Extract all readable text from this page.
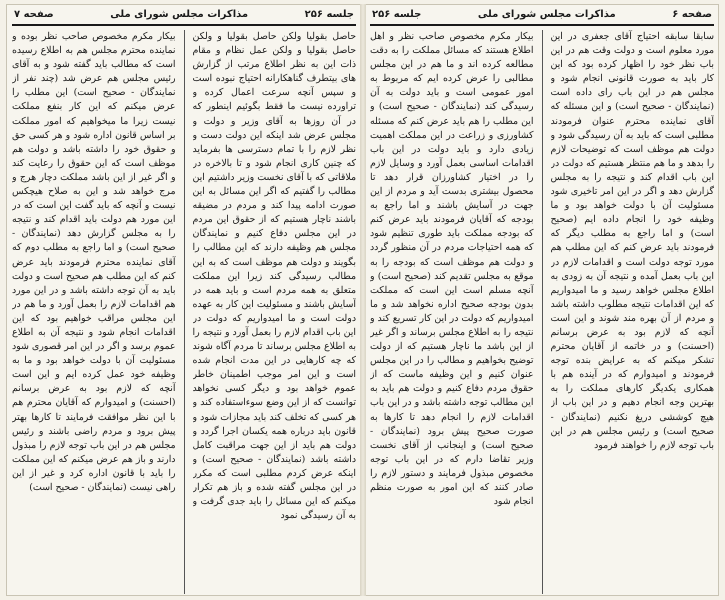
جلسه ۲۵۶
مذاکرات مجلس شورای ملی
صفحه ۷

حاصل بقولیا ولکن حاصل بقولیا و ولکن حاصل بقولیا و ولکن عمل نظام و مقام ذات این به نظر اطلاع مرتب از گزارش های بیتطرف گناهکارانه احتیاج نبوده است و سپس آنچه سرعت اعمال کرده و تراورده نیست ما فقط بگوئیم اینطور که در آن روزها به آقای وزیر و دولت و مجلس عرض شد اینکه این دولت دست و نظر لازم را با تمام دسترسی ها بفرماید که چنین کاری انجام شود و تا بالاخره در ملاقاتی که با آقای نخست وزیر داشتیم این مطالب را گفتیم که اگر این مسائل به این صورت ادامه پیدا کند و مردم در مضیقه باشند ناچار هستیم که از حقوق این مردم در این مجلس دفاع کنیم و نمایندگان مجلس هم وظیفه دارند که این مطالب را بگویند و دولت هم موظف است که به این مطالب رسیدگی کند زیرا این مملکت متعلق به همه مردم است و باید همه در آسایش باشند و مسئولیت این کار به عهده دولت است و ما امیدواریم که دولت در این باب اقدام لازم را بعمل آورد و نتیجه را به اطلاع مجلس برساند تا مردم آگاه شوند که چه کارهایی در این مدت انجام شده است و این امر موجب اطمینان خاطر عموم خواهد بود و دیگر کسی نخواهد توانست که از این وضع سوءاستفاده کند و هر کسی که تخلف کند باید مجازات شود و قانون باید درباره همه یکسان اجرا گردد و دولت هم باید از این جهت مراقبت کامل داشته باشد (نمایندگان - صحیح است) و اینکه عرض کردم مطلبی است که مکرر در این مجلس گفته شده و باز هم تکرار میکنم که این مسائل را باید جدی گرفت و به آن رسیدگی نمود

بیکار مکرم مخصوص صاحب نظر بوده و نماینده محترم مجلس هم به اطلاع رسیده است که مطالب باید گفته شود و به آقای رئیس مجلس هم عرض شد (چند نفر از نمایندگان - صحیح است) این مطلب را عرض میکنم که این کار بنفع مملکت نیست زیرا ما میخواهیم که امور مملکت بر اساس قانون اداره شود و هر کسی حق و حقوق خود را داشته باشد و دولت هم موظف است که این حقوق را رعایت کند و اگر غیر از این باشد مملکت دچار هرج و مرج خواهد شد و این به صلاح هیچکس نیست و آنچه که باید گفت این است که در این مورد هم دولت باید اقدام کند و نتیجه را به مجلس گزارش دهد (نمایندگان - صحیح است) و اما راجع به مطلب دوم که آقای نماینده محترم فرمودند باید عرض کنم که این مطلب هم صحیح است و دولت باید به آن توجه داشته باشد و در این مورد هم اقدامات لازم را بعمل آورد و ما هم در این مجلس مراقب خواهیم بود که این اقدامات انجام شود و نتیجه آن به اطلاع عموم برسد و اگر در این امر قصوری شود مسئولیت آن با دولت خواهد بود و ما به وظیفه خود عمل کرده ایم و این است آنچه که لازم بود به عرض برسانم (احسنت) و امیدوارم که آقایان محترم هم با این نظر موافقت فرمایند تا کارها بهتر پیش برود و مردم راضی باشند و رئیس مجلس هم در این باب توجه لازم را مبذول دارند و باز هم عرض میکنم که این مملکت را باید با قانون اداره کرد و غیر از این راهی نیست (نمایندگان - صحیح است)

صفحه ۶
مذاکرات مجلس شورای ملی
جلسه ۲۵۶

سابقا سابقه احتیاج آقای جعفری در این مورد معلوم است و دولت وقت هم در این باب نظر خود را اظهار کرده بود که این کار باید به صورت قانونی انجام شود و مجلس هم در این باب رای داده است (نمایندگان - صحیح است) و این مسئله که آقای نماینده محترم عنوان فرمودند مطلبی است که باید به آن رسیدگی شود و دولت هم موظف است که توضیحات لازم را بدهد و ما هم منتظر هستیم که دولت در این باب اقدام کند و نتیجه را به مجلس گزارش دهد و اگر در این امر تاخیری شود مسئولیت آن با دولت خواهد بود و ما وظیفه خود را انجام داده ایم (صحیح است) و اما راجع به مطلب دیگر که فرمودند باید عرض کنم که این مطلب هم مورد توجه دولت است و اقدامات لازم در این باب بعمل آمده و نتیجه آن به زودی به اطلاع مجلس خواهد رسید و ما امیدواریم که این اقدامات نتیجه مطلوب داشته باشد و مردم از آن بهره مند شوند و این است آنچه که لازم بود به عرض برسانم (احسنت) و در خاتمه از آقایان محترم تشکر میکنم که به عرایض بنده توجه فرمودند و امیدوارم که در آینده هم با همکاری یکدیگر کارهای مملکت را به بهترین وجه انجام دهیم و در این باب از هیچ کوششی دریغ نکنیم (نمایندگان - صحیح است) و رئیس مجلس هم در این باب توجه لازم را خواهند فرمود

بیکار مکرم مخصوص صاحب نظر و اهل اطلاع هستند که مسائل مملکت را به دقت مطالعه کرده اند و ما هم در این مجلس مطالبی را عرض کرده ایم که مربوط به امور عمومی است و باید دولت به آن رسیدگی کند (نمایندگان - صحیح است) و این مطلب را هم باید عرض کنم که مسئله کشاورزی و زراعت در این مملکت اهمیت زیادی دارد و باید دولت در این باب اقدامات اساسی بعمل آورد و وسایل لازم را در اختیار کشاورزان قرار دهد تا محصول بیشتری بدست آید و مردم از این جهت در آسایش باشند و اما راجع به بودجه که آقایان فرمودند باید عرض کنم که بودجه مملکت باید طوری تنظیم شود که همه احتیاجات مردم در آن منظور گردد و دولت هم موظف است که بودجه را به موقع به مجلس تقدیم کند (صحیح است) و آنچه مسلم است این است که مملکت بدون بودجه صحیح اداره نخواهد شد و ما امیدواریم که دولت در این کار تسریع کند و نتیجه را به اطلاع مجلس برساند و اگر غیر از این باشد ما ناچار هستیم که از دولت توضیح بخواهیم و مطالب را در این مجلس عنوان کنیم و این وظیفه ماست که از حقوق مردم دفاع کنیم و دولت هم باید به این مطالب توجه داشته باشد و در این باب اقدامات لازم را انجام دهد تا کارها به صورت صحیح پیش برود (نمایندگان - صحیح است) و اینجانب از آقای نخست وزیر تقاضا دارم که در این باب توجه مخصوص مبذول فرمایند و دستور لازم را صادر کنند که این امور به صورت منظم انجام شود
